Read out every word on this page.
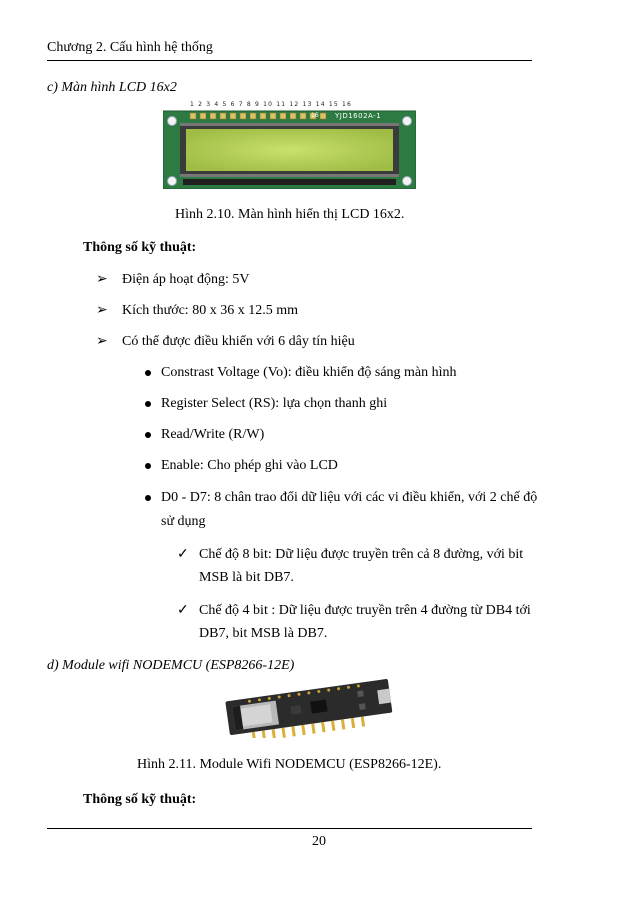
Chương 2. Cấu hình hệ thống
c) Màn hình LCD 16x2
1 2 3 4 5 6 7 8 9 10 11 12 13 14 15 16
16 YJD1602A-1
Hình 2.10. Màn hình hiển thị LCD 16x2.
Thông số kỹ thuật:
➢ Điện áp hoạt động: 5V
➢ Kích thước: 80 x 36 x 12.5 mm
➢ Có thể được điều khiển với 6 dây tín hiệu
Constrast Voltage (Vo): điều khiển độ sáng màn hình
Register Select (RS): lựa chọn thanh ghi
Read/Write (R/W)
Enable: Cho phép ghi vào LCD
D0 - D7: 8 chân trao đổi dữ liệu với các vi điều khiển, với 2 chế độ
sử dụng
✓ Chế độ 8 bit: Dữ liệu được truyền trên cả 8 đường, với bit
MSB là bit DB7.
✓ Chế độ 4 bit : Dữ liệu được truyền trên 4 đường từ DB4 tới
DB7, bit MSB là DB7.
d) Module wifi NODEMCU (ESP8266-12E)
Hình 2.11. Module Wifi NODEMCU (ESP8266-12E).
Thông số kỹ thuật:
20
